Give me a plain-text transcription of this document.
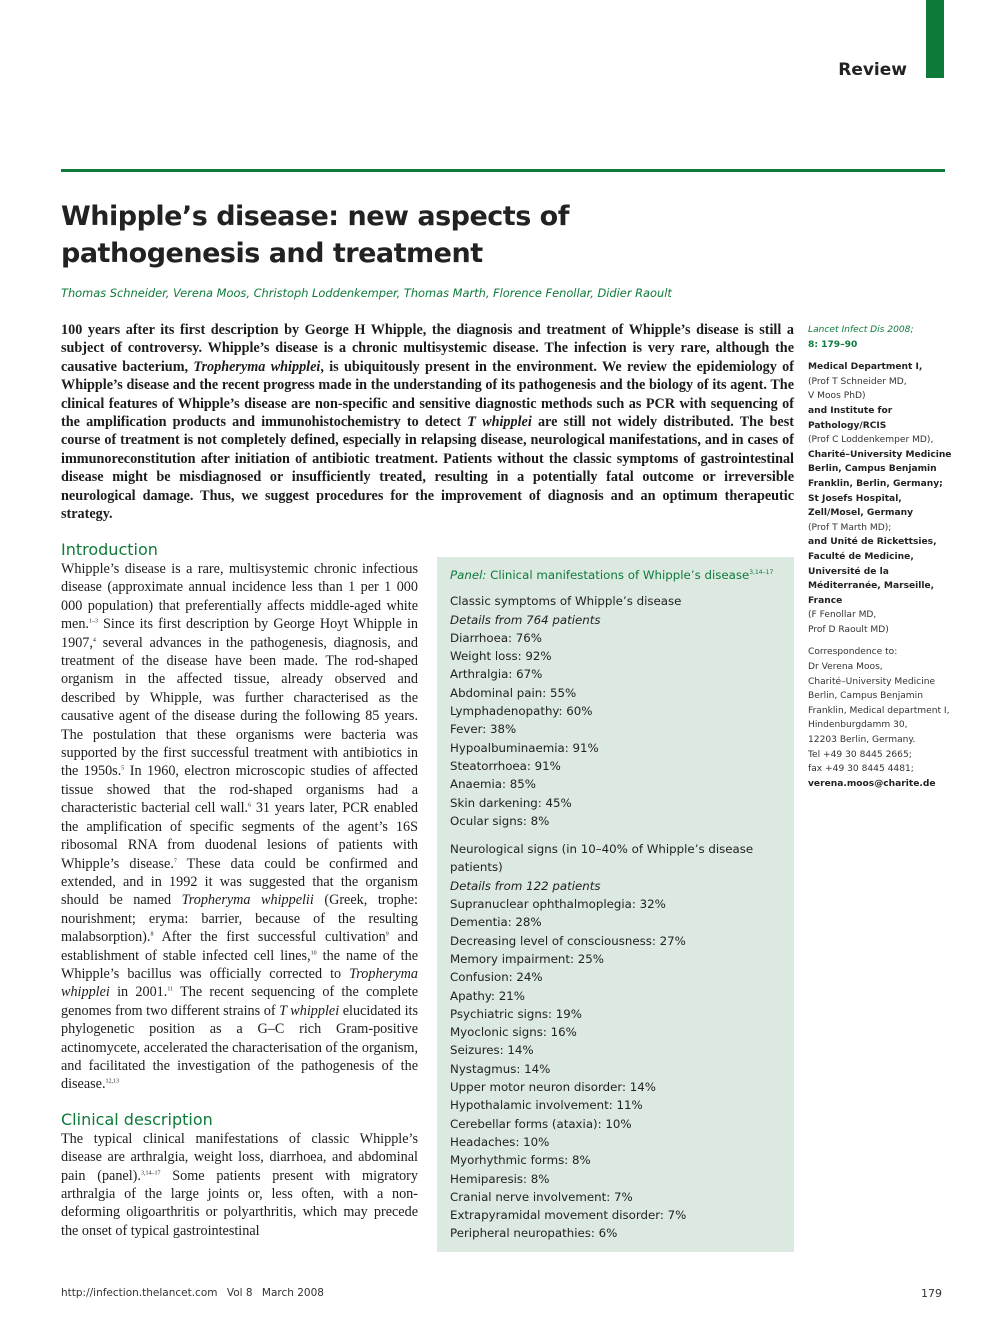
Review
Whipple’s disease: new aspects of pathogenesis and treatment
Thomas Schneider, Verena Moos, Christoph Loddenkemper, Thomas Marth, Florence Fenollar, Didier Raoult

100 years after its first description by George H Whipple, the diagnosis and treatment of Whipple’s disease is still a subject of controversy. Whipple’s disease is a chronic multisystemic disease. The infection is very rare, although the causative bacterium, Tropheryma whipplei, is ubiquitously present in the environment. We review the epidemiology of Whipple’s disease and the recent progress made in the understanding of its pathogenesis and the biology of its agent. The clinical features of Whipple’s disease are non-specific and sensitive diagnostic methods such as PCR with sequencing of the amplification products and immunohistochemistry to detect T whipplei are still not widely distributed. The best course of treatment is not completely defined, especially in relapsing disease, neurological manifestations, and in cases of immunoreconstitution after initiation of antibiotic treatment. Patients without the classic symptoms of gastrointestinal disease might be misdiagnosed or insufficiently treated, resulting in a potentially fatal outcome or irreversible neurological damage. Thus, we suggest procedures for the improvement of diagnosis and an optimum therapeutic strategy.

Lancet Infect Dis 2008;
8: 179–90

Medical Department I,
(Prof T Schneider MD,
V Moos PhD)
and Institute for Pathology/RCIS
(Prof C Loddenkemper MD),
Charité–University Medicine Berlin, Campus Benjamin Franklin, Berlin, Germany;
St Josefs Hospital, Zell/Mosel, Germany
(Prof T Marth MD);
and Unité de Rickettsies, Faculté de Medicine, Université de la Méditerranée, Marseille, France
(F Fenollar MD,
Prof D Raoult MD)

Correspondence to:
Dr Verena Moos,
Charité–University Medicine
Berlin, Campus Benjamin
Franklin, Medical department I,
Hindenburgdamm 30,
12203 Berlin, Germany.
Tel +49 30 8445 2665;
fax +49 30 8445 4481;
verena.moos@charite.de

Introduction

Whipple’s disease is a rare, multisystemic chronic infectious disease (approximate annual incidence less than 1 per 1 000 000 population) that preferentially affects middle-aged white men.$^{1-3}$ Since its first description by George Hoyt Whipple in 1907,$^4$ several advances in the pathogenesis, diagnosis, and treatment of the disease have been made. The rod-shaped organism in the affected tissue, already observed and described by Whipple, was further characterised as the causative agent of the disease during the following 85 years. The postulation that these organisms were bacteria was supported by the first successful treatment with antibiotics in the 1950s.$^5$ In 1960, electron microscopic studies of affected tissue showed that the rod-shaped organisms had a characteristic bacterial cell wall.$^6$ 31 years later, PCR enabled the amplification of specific segments of the agent’s 16S ribosomal RNA from duodenal lesions of patients with Whipple’s disease.$^7$ These data could be confirmed and extended, and in 1992 it was suggested that the organism should be named Tropheryma whippelii (Greek, trophe: nourishment; eryma: barrier, because of the resulting malabsorption).$^8$ After the first successful cultivation$^9$ and establishment of stable infected cell lines,$^{10}$ the name of the Whipple’s bacillus was officially corrected to Tropheryma whipplei in 2001.11 The recent sequencing of the complete genomes from two different strains of T whipplei elucidated its phylogenetic position as a G–C rich Gram-positive actinomycete, accelerated the characterisation of the organism, and facilitated the investigation of the pathogenesis of the disease.$^{12,13}$

Clinical description

The typical clinical manifestations of classic Whipple’s disease are arthralgia, weight loss, diarrhoea, and abdominal pain (panel).$^{3,14-17}$ Some patients present with migratory arthralgia of the large joints or, less often, with a non-deforming oligoarthritis or polyarthritis, which may precede the onset of typical gastrointestinal

Panel: Clinical manifestations of Whipple’s disease$^{3,14-17}$
Classic symptoms of Whipple’s disease
Details from 764 patients
Diarrhoea: 76%
Weight loss: 92%
Arthralgia: 67%
Abdominal pain: 55%
Lymphadenopathy: 60%
Fever: 38%
Hypoalbuminaemia: 91%
Steatorrhoea: 91%
Anaemia: 85%
Skin darkening: 45%
Ocular signs: 8%
Neurological signs (in 10–40% of Whipple’s disease patients)
Details from 122 patients
Supranuclear ophthalmoplegia: 32%
Dementia: 28%
Decreasing level of consciousness: 27%
Memory impairment: 25%
Confusion: 24%
Apathy: 21%
Psychiatric signs: 19%
Myoclonic signs: 16%
Seizures: 14%
Nystagmus: 14%
Upper motor neuron disorder: 14%
Hypothalamic involvement: 11%
Cerebellar forms (ataxia): 10%
Headaches: 10%
Myorhythmic forms: 8%
Hemiparesis: 8%
Cranial nerve involvement: 7%
Extrapyramidal movement disorder: 7%
Peripheral neuropathies: 6%
http://infection.thelancet.com Vol 8 March 2008	179
